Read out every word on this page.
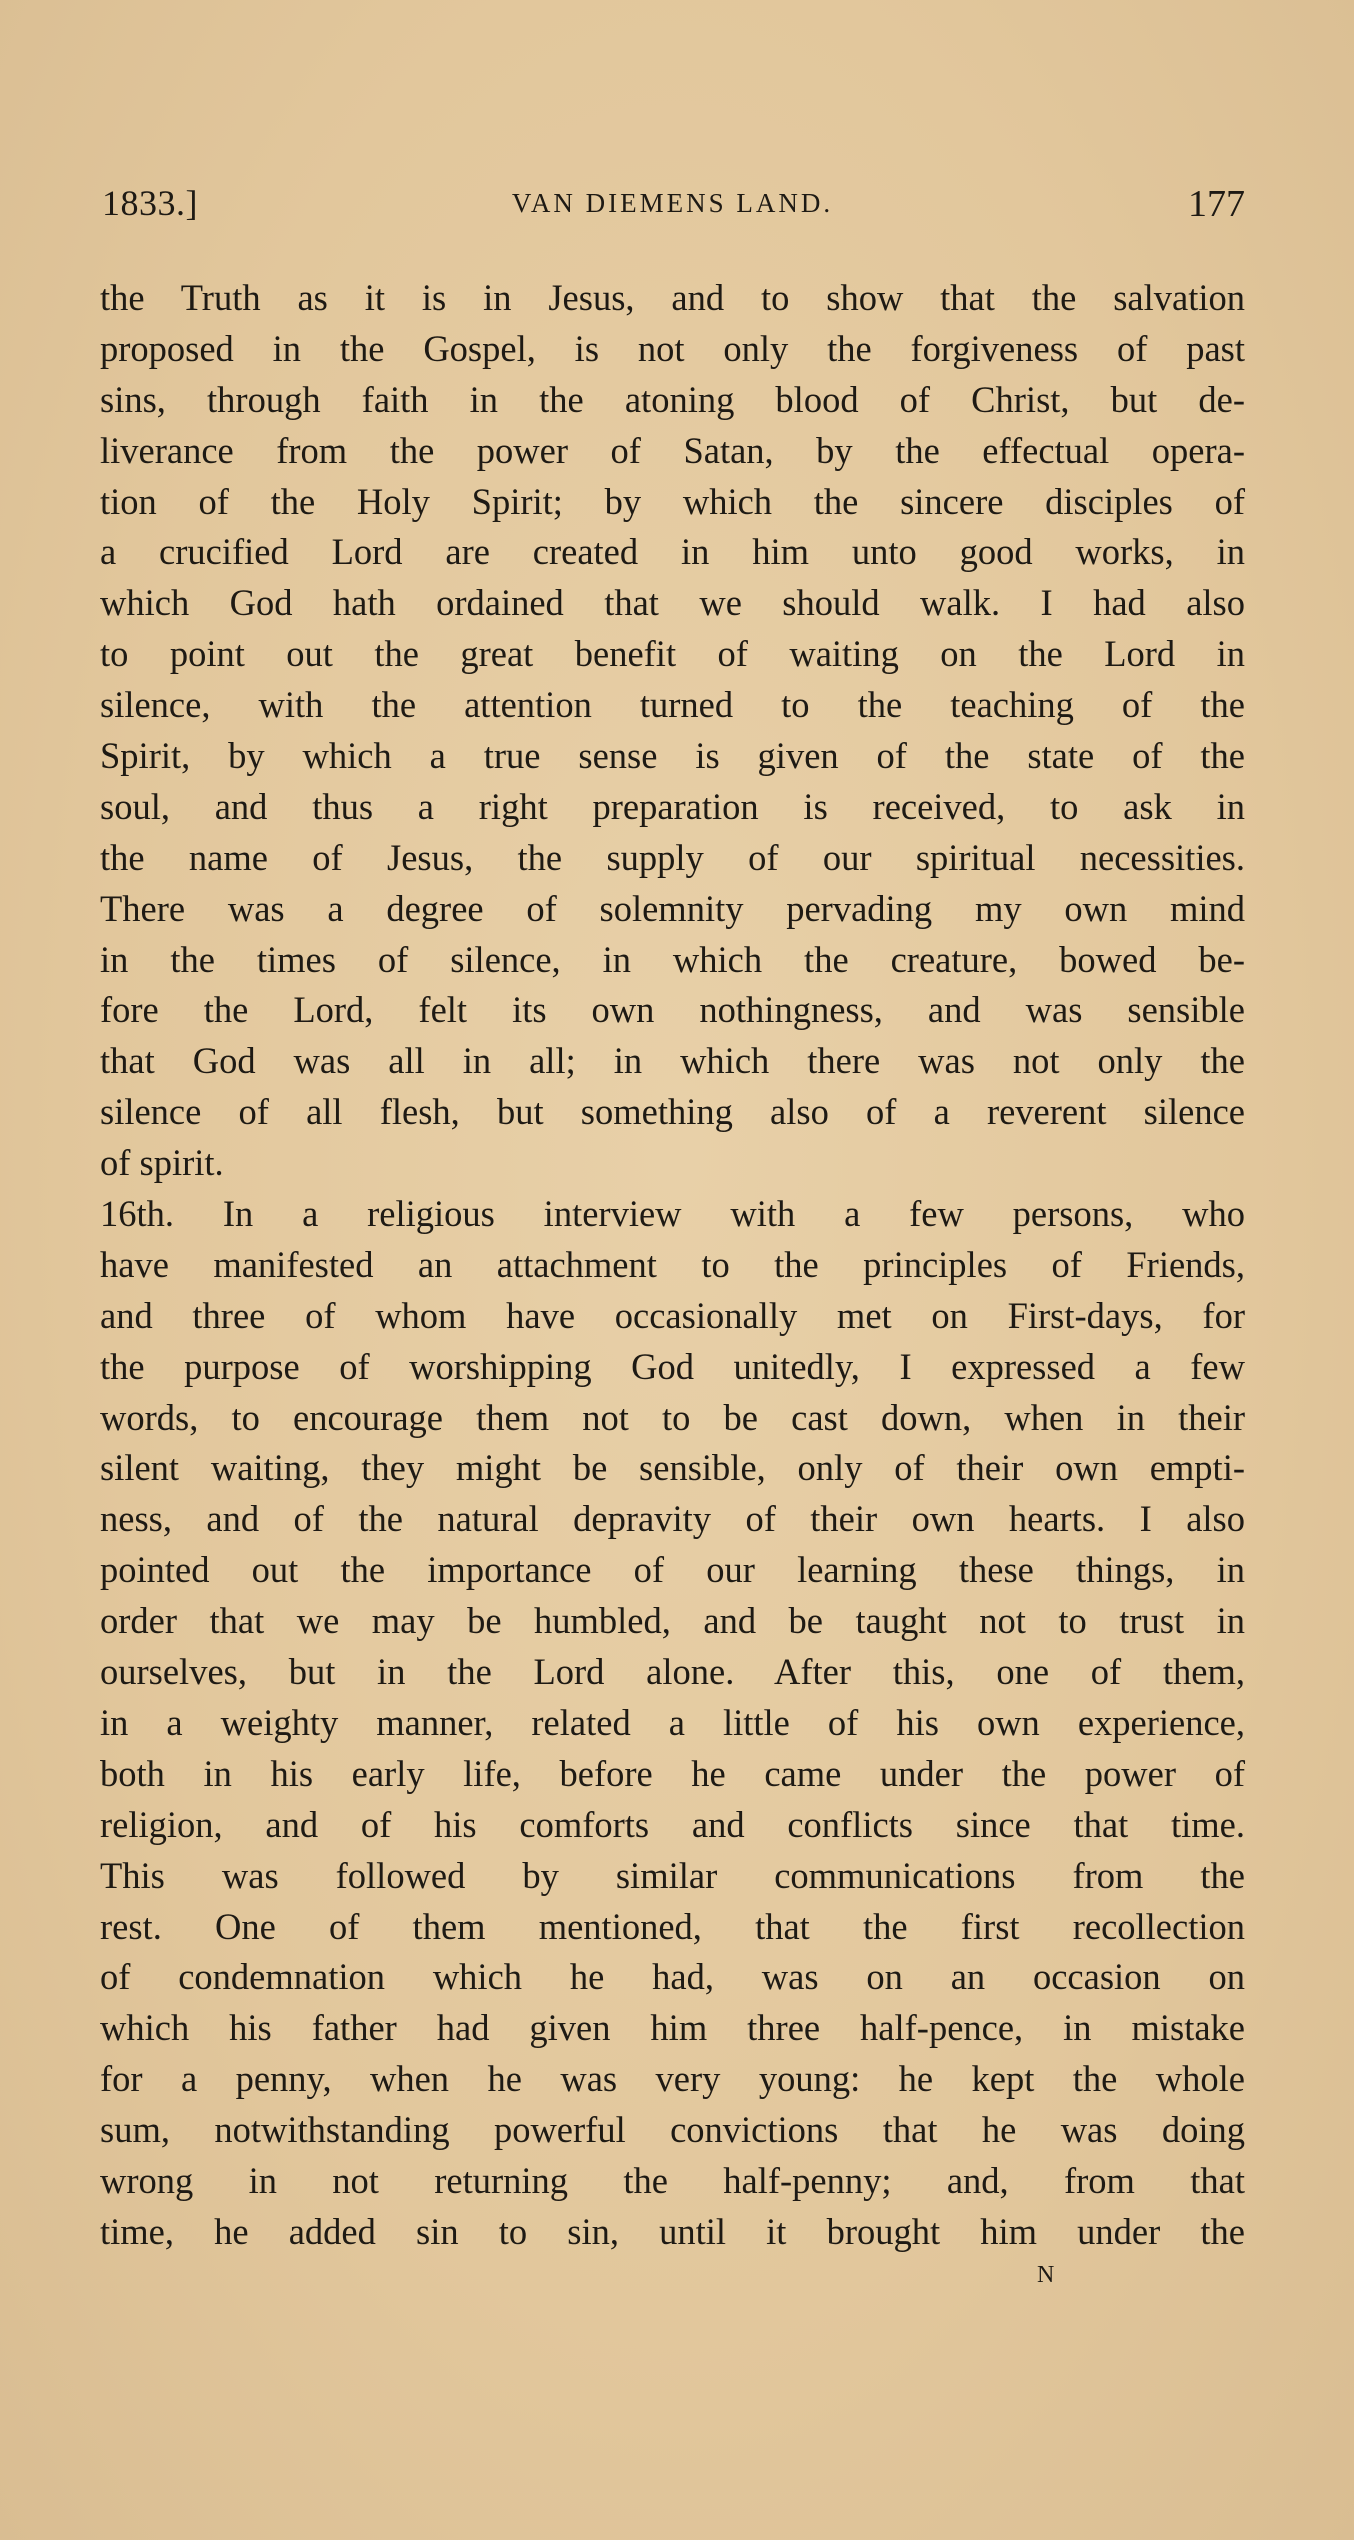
1833.]	VAN DIEMENS LAND.	177
the Truth as it is in Jesus, and to show that the salvation
proposed in the Gospel, is not only the forgiveness of past
sins, through faith in the atoning blood of Christ, but de-
liverance from the power of Satan, by the effectual opera-
tion of the Holy Spirit; by which the sincere disciples of
a crucified Lord are created in him unto good works, in
which God hath ordained that we should walk. I had also
to point out the great benefit of waiting on the Lord in
silence, with the attention turned to the teaching of the
Spirit, by which a true sense is given of the state of the
soul, and thus a right preparation is received, to ask in
the name of Jesus, the supply of our spiritual necessities.
There was a degree of solemnity pervading my own mind
in the times of silence, in which the creature, bowed be-
fore the Lord, felt its own nothingness, and was sensible
that God was all in all; in which there was not only the
silence of all flesh, but something also of a reverent silence
of spirit.
16th. In a religious interview with a few persons, who
have manifested an attachment to the principles of Friends,
and three of whom have occasionally met on First-days, for
the purpose of worshipping God unitedly, I expressed a few
words, to encourage them not to be cast down, when in their
silent waiting, they might be sensible, only of their own empti-
ness, and of the natural depravity of their own hearts. I also
pointed out the importance of our learning these things, in
order that we may be humbled, and be taught not to trust in
ourselves, but in the Lord alone. After this, one of them,
in a weighty manner, related a little of his own experience,
both in his early life, before he came under the power of
religion, and of his comforts and conflicts since that time.
This was followed by similar communications from the
rest. One of them mentioned, that the first recollection
of condemnation which he had, was on an occasion on
which his father had given him three half-pence, in mistake
for a penny, when he was very young: he kept the whole
sum, notwithstanding powerful convictions that he was doing
wrong in not returning the half-penny; and, from that
time, he added sin to sin, until it brought him under the
N
